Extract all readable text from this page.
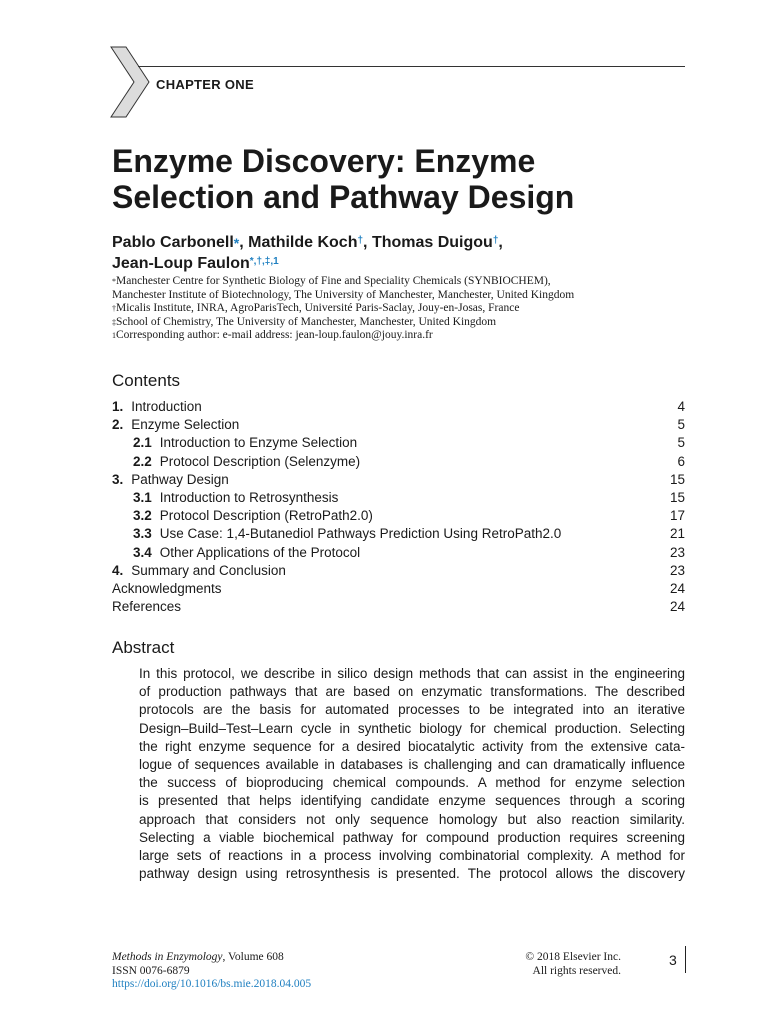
CHAPTER ONE
Enzyme Discovery: Enzyme
Selection and Pathway Design
Pablo Carbonell*, Mathilde Koch†, Thomas Duigou†,
Jean-Loup Faulon$^{*,\dagger,\ddagger,1}$
*Manchester Centre for Synthetic Biology of Fine and Speciality Chemicals (SYNBIOCHEM),
Manchester Institute of Biotechnology, The University of Manchester, Manchester, United Kingdom
†Micalis Institute, INRA, AgroParisTech, Université Paris-Saclay, Jouy-en-Josas, France
‡School of Chemistry, The University of Manchester, Manchester, United Kingdom
$^1$Corresponding author: e-mail address: jean-loup.faulon@jouy.inra.fr
Contents
1. Introduction	4
2. Enzyme Selection	5
2.1 Introduction to Enzyme Selection	5
2.2 Protocol Description (Selenzyme)	6
3. Pathway Design	15
3.1 Introduction to Retrosynthesis	15
3.2 Protocol Description (RetroPath2.0)	17
3.3 Use Case: 1,4-Butanediol Pathways Prediction Using RetroPath2.0	21
3.4 Other Applications of the Protocol	23
4. Summary and Conclusion	23
Acknowledgments	24
References	24
Abstract
In this protocol, we describe in silico design methods that can assist in the engineering
of production pathways that are based on enzymatic transformations. The described
protocols are the basis for automated processes to be integrated into an iterative
Design–Build–Test–Learn cycle in synthetic biology for chemical production. Selecting
the right enzyme sequence for a desired biocatalytic activity from the extensive cata-
logue of sequences available in databases is challenging and can dramatically influence
the success of bioproducing chemical compounds. A method for enzyme selection
is presented that helps identifying candidate enzyme sequences through a scoring
approach that considers not only sequence homology but also reaction similarity.
Selecting a viable biochemical pathway for compound production requires screening
large sets of reactions in a process involving combinatorial complexity. A method for
pathway design using retrosynthesis is presented. The protocol allows the discovery
Methods in Enzymology, Volume 608
ISSN 0076-6879
https://doi.org/10.1016/bs.mie.2018.04.005
© 2018 Elsevier Inc.
All rights reserved.
3
